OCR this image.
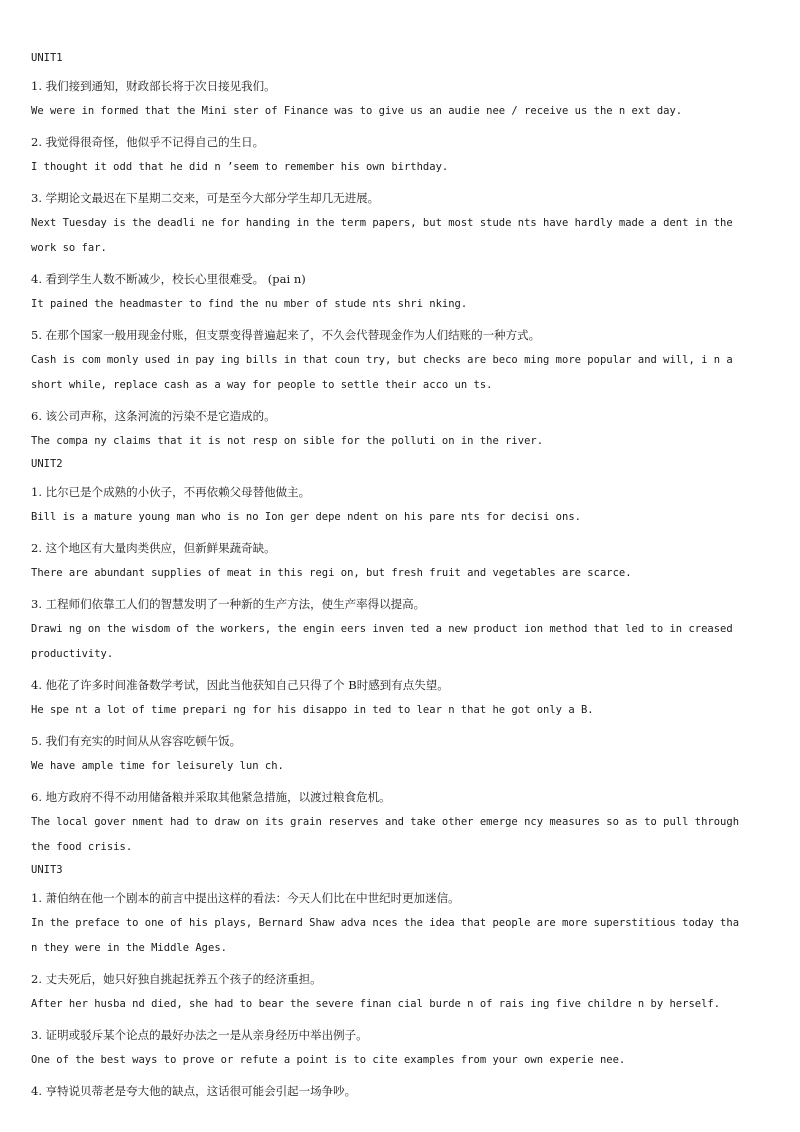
UNIT1
1. 我们接到通知，财政部长将于次日接见我们。
We were in formed that the Mini ster of Finance was to give us an audie nee / receive us the n ext day.
2. 我觉得很奇怪，他似乎不记得自己的生日。
I thought it odd that he did n ’seem to remember his own birthday.
3. 学期论文最迟在下星期二交来，可是至今大部分学生却几无进展。
Next Tuesday is the deadli ne for handing in the term papers, but most stude nts have hardly made a dent in the work so far.
4. 看到学生人数不断减少，校长心里很难受。 (pai n)
It pained the headmaster to find the nu mber of stude nts shri nking.
5. 在那个国家一般用现金付账，但支票变得普遍起来了，不久会代替现金作为人们结账的一种方式。
Cash is com monly used in pay ing bills in that coun try, but checks are beco ming more popular and will, i n a short while, replace cash as a way for people to settle their acco un ts.
6. 该公司声称，这条河流的污染不是它造成的。
The compa ny claims that it is not resp on sible for the polluti on in the river.
UNIT2
1. 比尔已是个成熟的小伙子，不再依赖父母替他做主。
Bill is a mature young man who is no Ion ger depe ndent on his pare nts for decisi ons.
2. 这个地区有大量肉类供应，但新鲜果蔬奇缺。
There are abundant supplies of meat in this regi on, but fresh fruit and vegetables are scarce.
3. 工程师们依靠工人们的智慧发明了一种新的生产方法，使生产率得以提高。
Drawi ng on the wisdom of the workers, the engin eers inven ted a new product ion method that led to in creased productivity.
4. 他花了许多时间准备数学考试，因此当他获知自己只得了个 B时感到有点失望。
He spe nt a lot of time prepari ng for his disappo in ted to lear n that he got only a B.
5. 我们有充实的时间从从容容吃顿午饭。
We have ample time for leisurely lun ch.
6. 地方政府不得不动用储备粮并采取其他紧急措施，以渡过粮食危机。
The local gover nment had to draw on its grain reserves and take other emerge ncy measures so as to pull through the food crisis.
UNIT3
1. 萧伯纳在他一个剧本的前言中提出这样的看法：今天人们比在中世纪时更加迷信。
In the preface to one of his plays, Bernard Shaw adva nces the idea that people are more superstitious today tha n they were in the Middle Ages.
2. 丈夫死后，她只好独自挑起抚养五个孩子的经济重担。
After her husba nd died, she had to bear the severe finan cial burde n of rais ing five childre n by herself.
3. 证明或驳斥某个论点的最好办法之一是从亲身经历中举出例子。
One of the best ways to prove or refute a point is to cite examples from your own experie nee.
4. 亨特说贝蒂老是夸大他的缺点，这话很可能会引起一场争吵。
